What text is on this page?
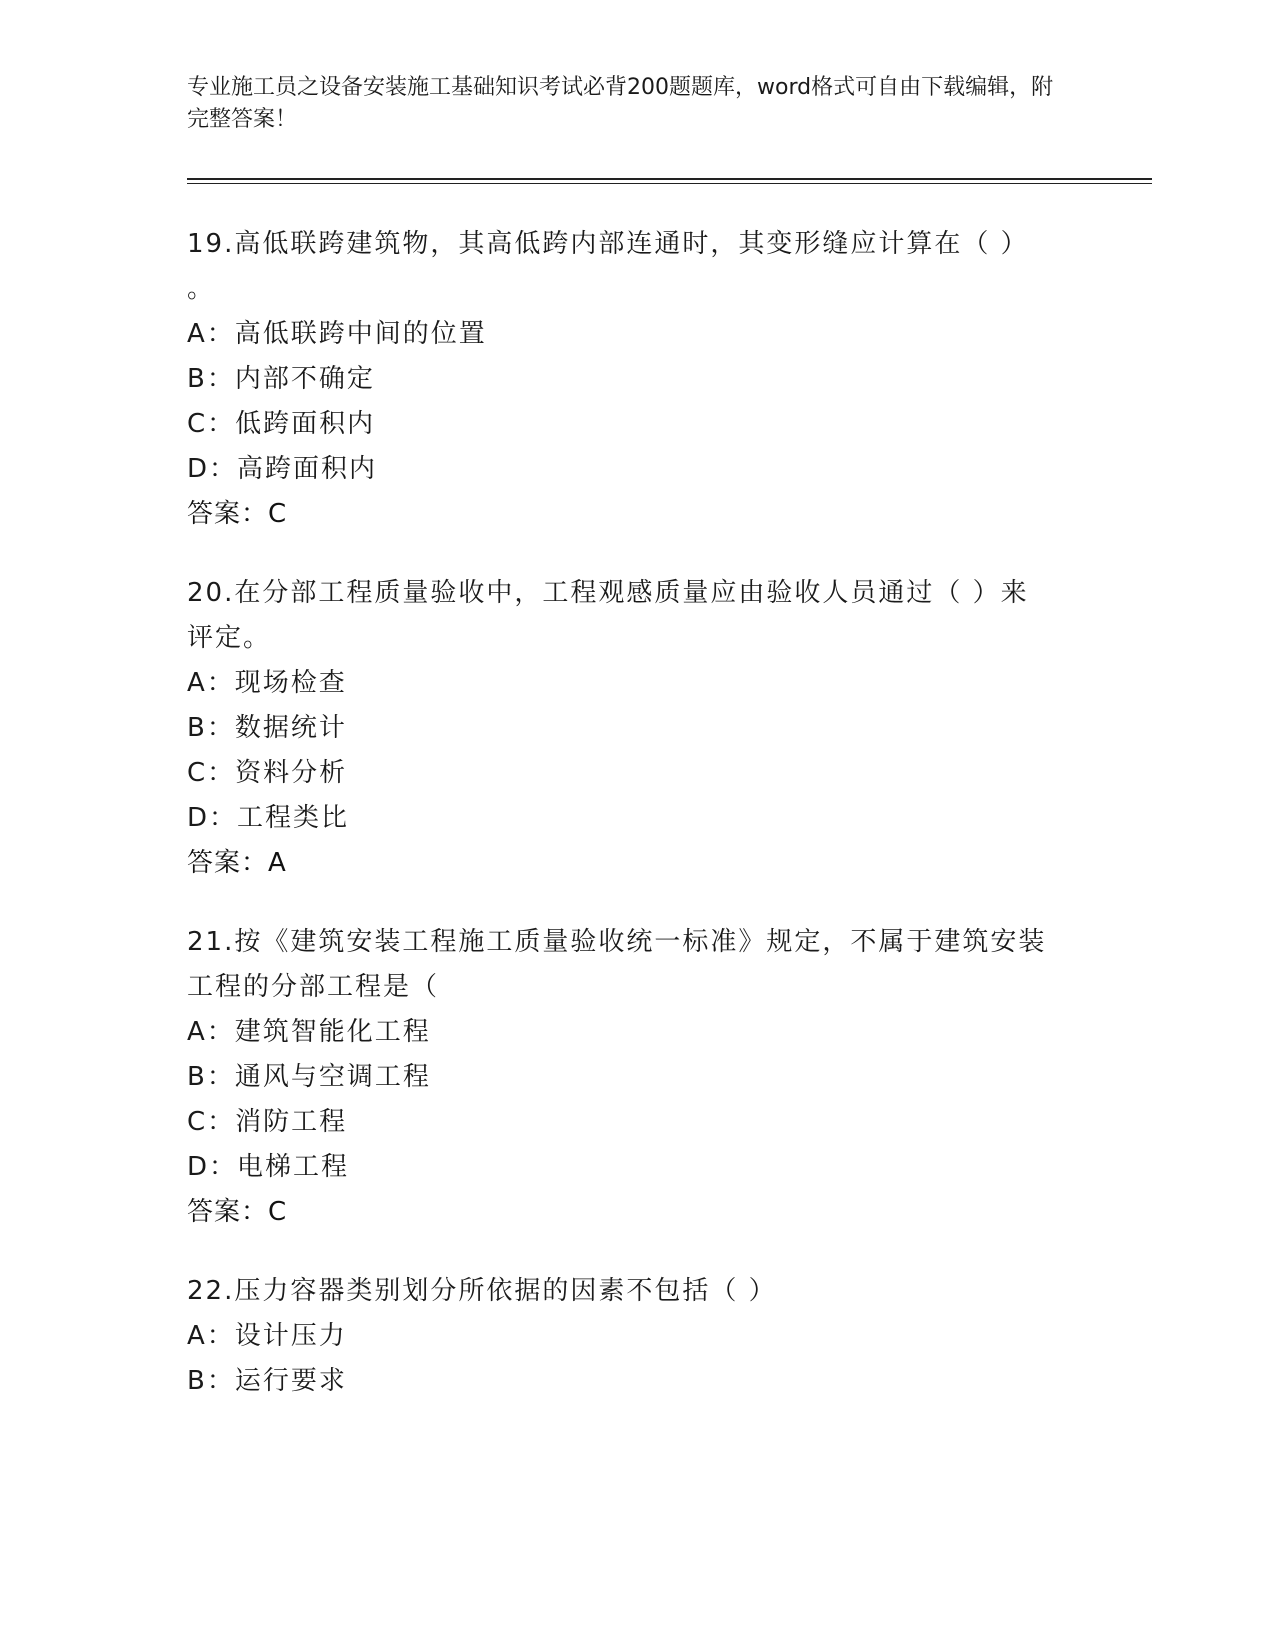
专业施工员之设备安装施工基础知识考试必背200题题库，word格式可自由下载编辑，附完整答案！
19.高低联跨建筑物，其高低跨内部连通时，其变形缝应计算在（ ）
。
A：高低联跨中间的位置
B：内部不确定
C：低跨面积内
D：高跨面积内
答案：C
20.在分部工程质量验收中，工程观感质量应由验收人员通过（ ）来
评定。
A：现场检查
B：数据统计
C：资料分析
D：工程类比
答案：A
21.按《建筑安装工程施工质量验收统一标准》规定，不属于建筑安装
工程的分部工程是（
A：建筑智能化工程
B：通风与空调工程
C：消防工程
D：电梯工程
答案：C
22.压力容器类别划分所依据的因素不包括（ ）
A：设计压力
B：运行要求
